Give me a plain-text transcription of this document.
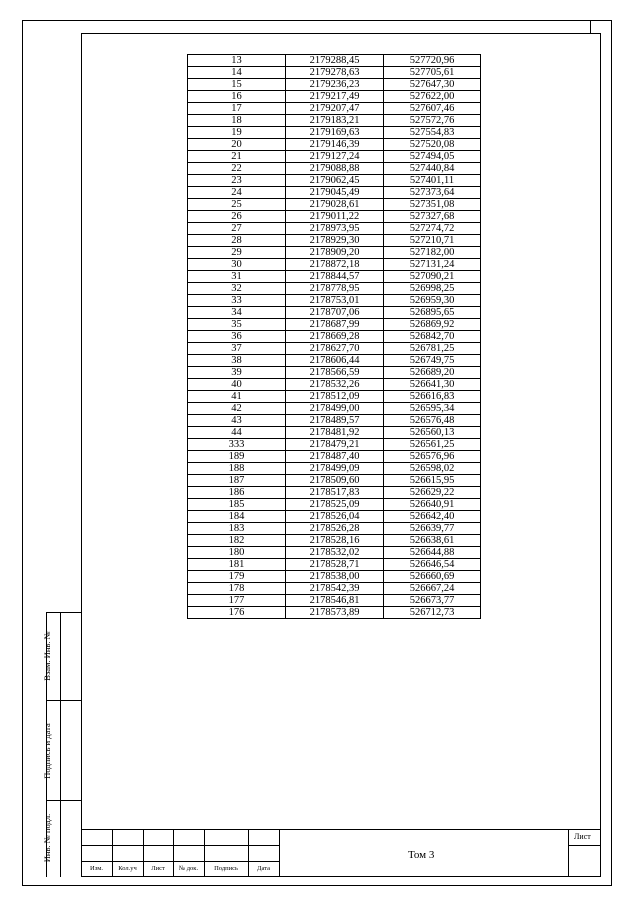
Взам. Инв. №
Подпись и дата
Инв. № подл.
13	2179288,45	527720,96
14	2179278,63	527705,61
15	2179236,23	527647,30
16	2179217,49	527622,00
17	2179207,47	527607,46
18	2179183,21	527572,76
19	2179169,63	527554,83
20	2179146,39	527520,08
21	2179127,24	527494,05
22	2179088,88	527440,84
23	2179062,45	527401,11
24	2179045,49	527373,64
25	2179028,61	527351,08
26	2179011,22	527327,68
27	2178973,95	527274,72
28	2178929,30	527210,71
29	2178909,20	527182,00
30	2178872,18	527131,24
31	2178844,57	527090,21
32	2178778,95	526998,25
33	2178753,01	526959,30
34	2178707,06	526895,65
35	2178687,99	526869,92
36	2178669,28	526842,70
37	2178627,70	526781,25
38	2178606,44	526749,75
39	2178566,59	526689,20
40	2178532,26	526641,30
41	2178512,09	526616,83
42	2178499,00	526595,34
43	2178489,57	526576,48
44	2178481,92	526560,13
333	2178479,21	526561,25
189	2178487,40	526576,96
188	2178499,09	526598,02
187	2178509,60	526615,95
186	2178517,83	526629,22
185	2178525,09	526640,91
184	2178526,04	526642,40
183	2178526,28	526639,77
182	2178528,16	526638,61
180	2178532,02	526644,88
181	2178528,71	526646,54
179	2178538,00	526660,69
178	2178542,39	526667,24
177	2178546,81	526673,77
176	2178573,89	526712,73
Изм.	Кол.уч	Лист	№ док.	Подпись	Дата
Том 3
Лист
